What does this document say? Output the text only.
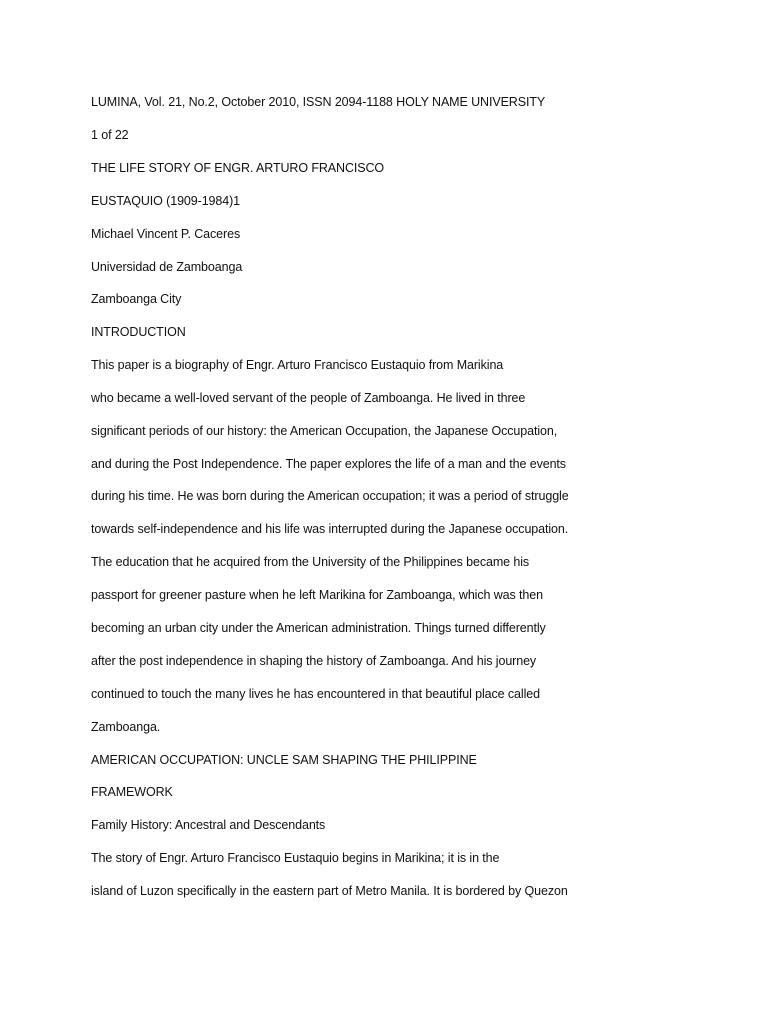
LUMINA, Vol. 21, No.2, October 2010, ISSN 2094-1188 HOLY NAME UNIVERSITY
1 of 22
THE LIFE STORY OF ENGR. ARTURO FRANCISCO
EUSTAQUIO (1909-1984)1
Michael Vincent P. Caceres
Universidad de Zamboanga
Zamboanga City
INTRODUCTION
This paper is a biography of Engr. Arturo Francisco Eustaquio from Marikina
who became a well-loved servant of the people of Zamboanga. He lived in three
significant periods of our history: the American Occupation, the Japanese Occupation,
and during the Post Independence. The paper explores the life of a man and the events
during his time. He was born during the American occupation; it was a period of struggle
towards self-independence and his life was interrupted during the Japanese occupation.
The education that he acquired from the University of the Philippines became his
passport for greener pasture when he left Marikina for Zamboanga, which was then
becoming an urban city under the American administration. Things turned differently
after the post independence in shaping the history of Zamboanga. And his journey
continued to touch the many lives he has encountered in that beautiful place called
Zamboanga.
AMERICAN OCCUPATION: UNCLE SAM SHAPING THE PHILIPPINE
FRAMEWORK
Family History: Ancestral and Descendants
The story of Engr. Arturo Francisco Eustaquio begins in Marikina; it is in the
island of Luzon specifically in the eastern part of Metro Manila. It is bordered by Quezon
